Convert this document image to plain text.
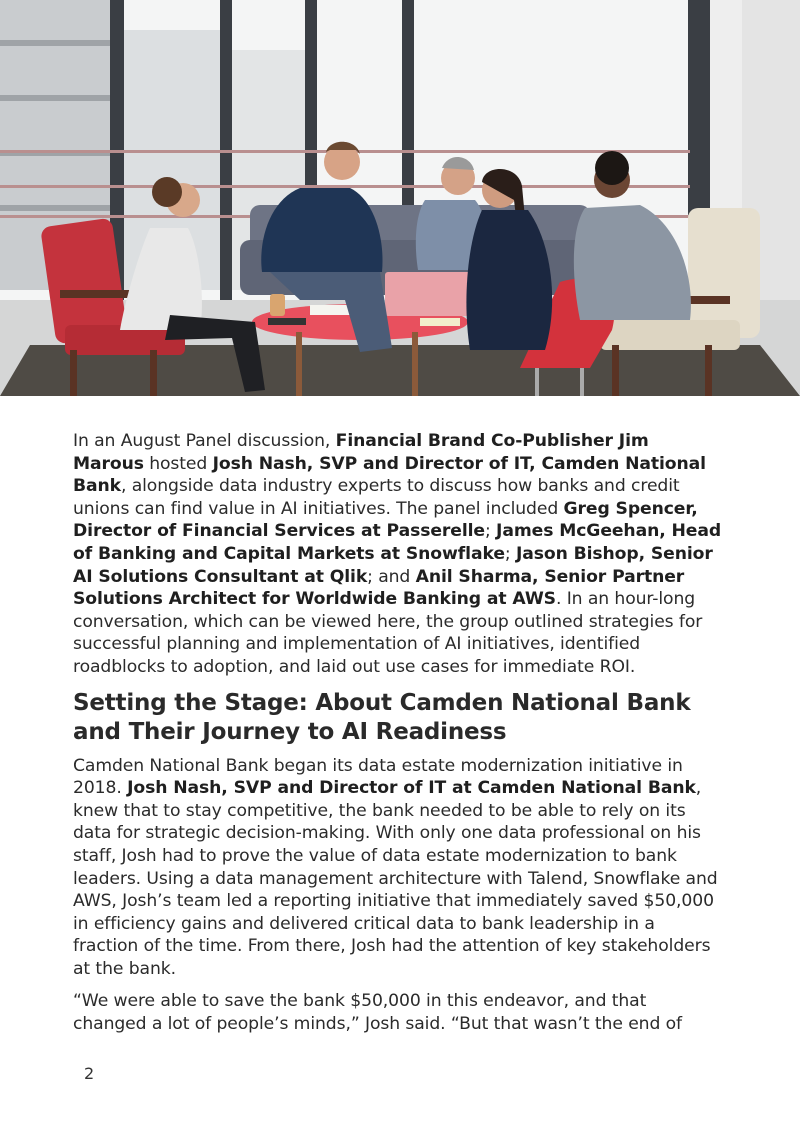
In an August Panel discussion, Financial Brand Co-Publisher Jim Marous hosted Josh Nash, SVP and Director of IT, Camden National Bank, alongside data industry experts to discuss how banks and credit unions can find value in AI initiatives. The panel included Greg Spencer, Director of Financial Services at Passerelle; James McGeehan, Head of Banking and Capital Markets at Snowflake; Jason Bishop, Senior AI Solutions Consultant at Qlik; and Anil Sharma, Senior Partner Solutions Architect for Worldwide Banking at AWS. In an hour-long conversation, which can be viewed here, the group outlined strategies for successful planning and implementation of AI initiatives, identified roadblocks to adoption, and laid out use cases for immediate ROI.

Setting the Stage: About Camden National Bank and Their Journey to AI Readiness

Camden National Bank began its data estate modernization initiative in 2018. Josh Nash, SVP and Director of IT at Camden National Bank, knew that to stay competitive, the bank needed to be able to rely on its data for strategic decision-making. With only one data professional on his staff, Josh had to prove the value of data estate modernization to bank leaders. Using a data management architecture with Talend, Snowflake and AWS, Josh’s team led a reporting initiative that immediately saved $50,000 in efficiency gains and delivered critical data to bank leadership in a fraction of the time. From there, Josh had the attention of key stakeholders at the bank.

“We were able to save the bank $50,000 in this endeavor, and that changed a lot of people’s minds,” Josh said. “But that wasn’t the end of

2
